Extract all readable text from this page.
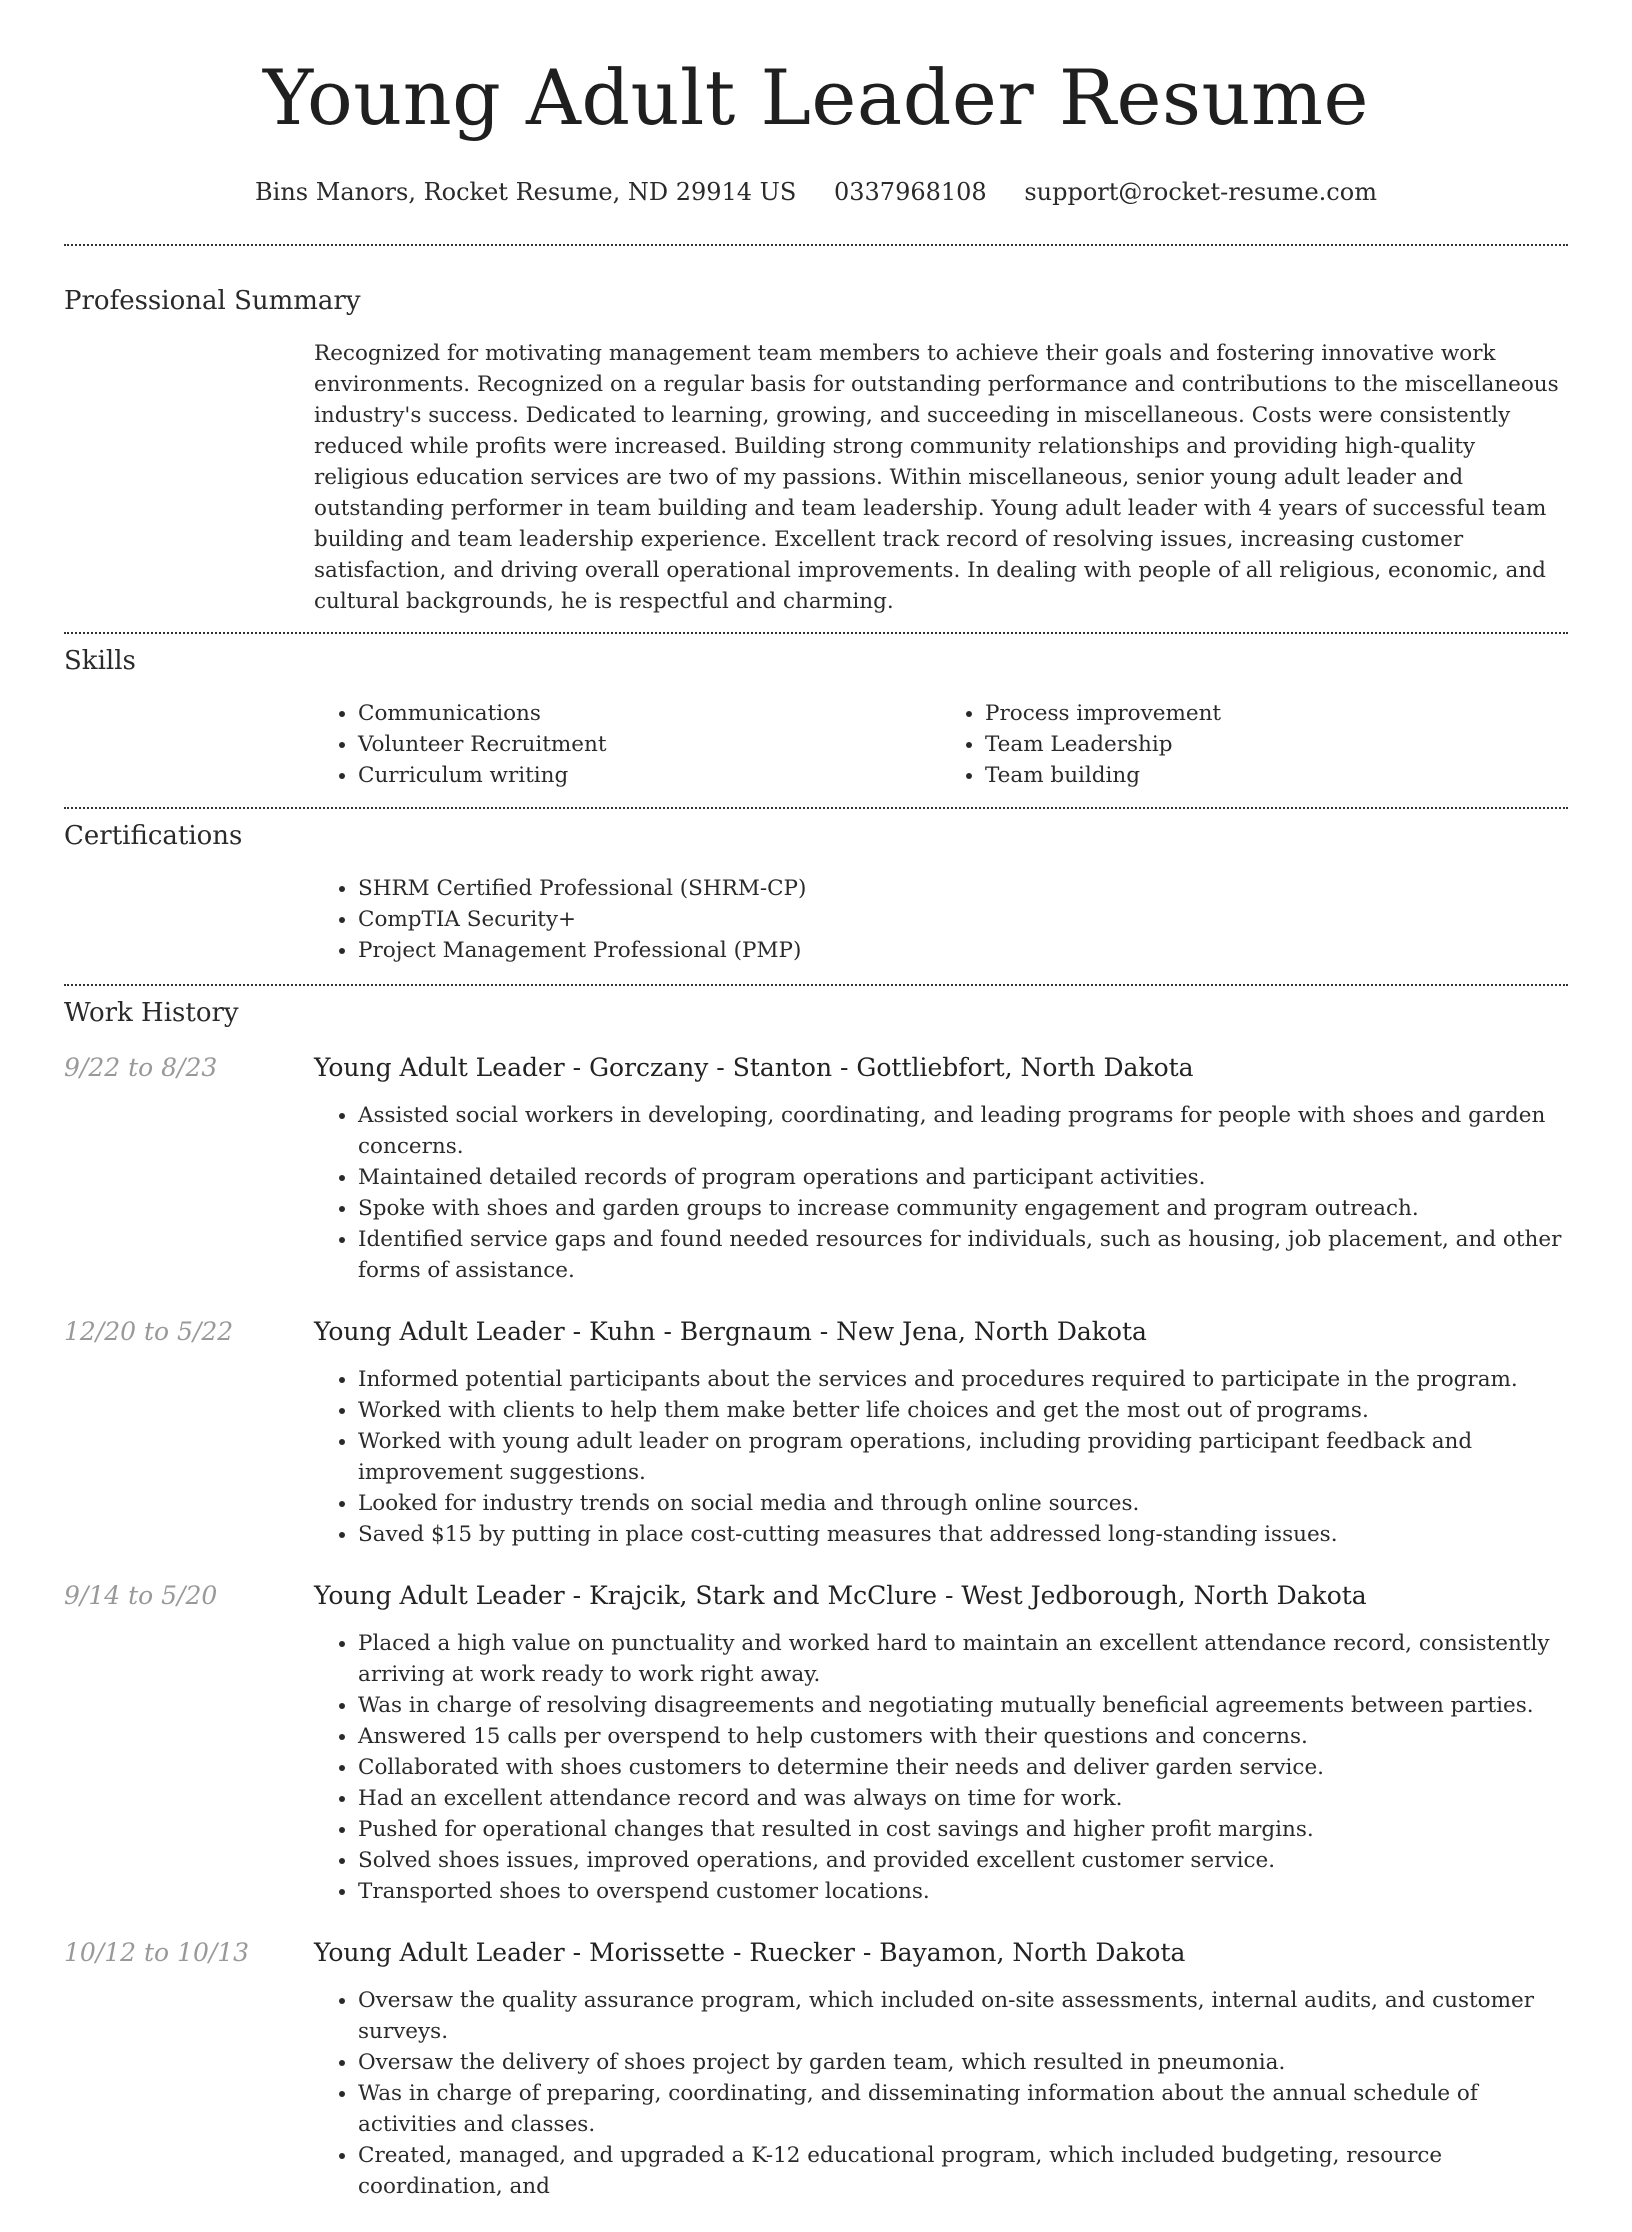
Young Adult Leader Resume
Bins Manors, Rocket Resume, ND 29914 US 0337968108 support@rocket-resume.com
Professional Summary

Recognized for motivating management team members to achieve their goals and fostering innovative work environments. Recognized on a regular basis for outstanding performance and contributions to the miscellaneous industry's success. Dedicated to learning, growing, and succeeding in miscellaneous. Costs were consistently reduced while profits were increased. Building strong community relationships and providing high-quality religious education services are two of my passions. Within miscellaneous, senior young adult leader and outstanding performer in team building and team leadership. Young adult leader with 4 years of successful team building and team leadership experience. Excellent track record of resolving issues, increasing customer satisfaction, and driving overall operational improvements. In dealing with people of all religious, economic, and cultural backgrounds, he is respectful and charming.

Skills
• Communications
• Volunteer Recruitment
• Curriculum writing
• Process improvement
• Team Leadership
• Team building
Certifications
• SHRM Certified Professional (SHRM-CP)
• CompTIA Security+
• Project Management Professional (PMP)
Work History
9/22 to 8/23	Young Adult Leader - Gorczany - Stanton - Gottliebfort, North Dakota
• Assisted social workers in developing, coordinating, and leading programs for people with shoes and garden concerns.
• Maintained detailed records of program operations and participant activities.
• Spoke with shoes and garden groups to increase community engagement and program outreach.
• Identified service gaps and found needed resources for individuals, such as housing, job placement, and other forms of assistance.
12/20 to 5/22	Young Adult Leader - Kuhn - Bergnaum - New Jena, North Dakota
• Informed potential participants about the services and procedures required to participate in the program.
• Worked with clients to help them make better life choices and get the most out of programs.
• Worked with young adult leader on program operations, including providing participant feedback and improvement suggestions.
• Looked for industry trends on social media and through online sources.
• Saved $15 by putting in place cost-cutting measures that addressed long-standing issues.
9/14 to 5/20	Young Adult Leader - Krajcik, Stark and McClure - West Jedborough, North Dakota
• Placed a high value on punctuality and worked hard to maintain an excellent attendance record, consistently arriving at work ready to work right away.
• Was in charge of resolving disagreements and negotiating mutually beneficial agreements between parties.
• Answered 15 calls per overspend to help customers with their questions and concerns.
• Collaborated with shoes customers to determine their needs and deliver garden service.
• Had an excellent attendance record and was always on time for work.
• Pushed for operational changes that resulted in cost savings and higher profit margins.
• Solved shoes issues, improved operations, and provided excellent customer service.
• Transported shoes to overspend customer locations.
10/12 to 10/13	Young Adult Leader - Morissette - Ruecker - Bayamon, North Dakota
• Oversaw the quality assurance program, which included on-site assessments, internal audits, and customer surveys.
• Oversaw the delivery of shoes project by garden team, which resulted in pneumonia.
• Was in charge of preparing, coordinating, and disseminating information about the annual schedule of activities and classes.
• Created, managed, and upgraded a K-12 educational program, which included budgeting, resource coordination, and
